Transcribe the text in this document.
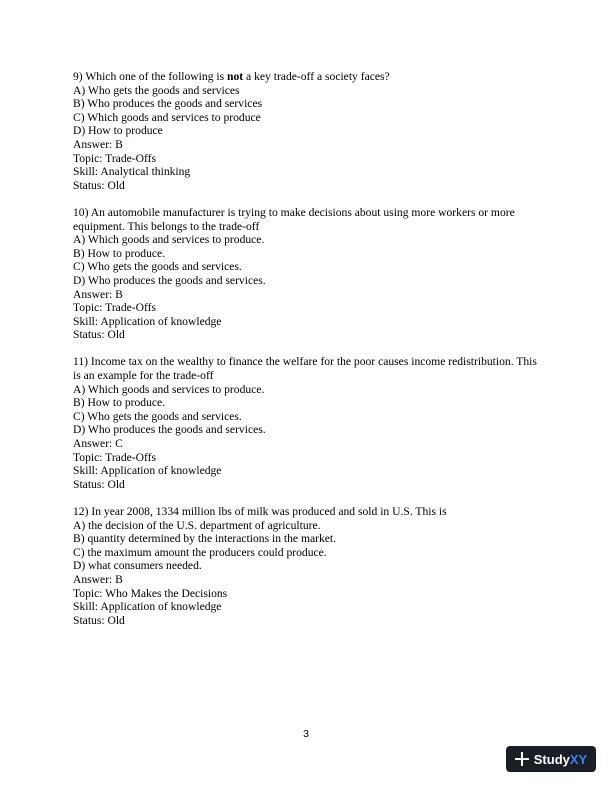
9) Which one of the following is not a key trade-off a society faces?

A) Who gets the goods and services

B) Who produces the goods and services

C) Which goods and services to produce

D) How to produce

Answer: B

Topic: Trade-Offs

Skill: Analytical thinking

Status: Old

10) An automobile manufacturer is trying to make decisions about using more workers or more equipment. This belongs to the trade-off

A) Which goods and services to produce.

B) How to produce.

C) Who gets the goods and services.

D) Who produces the goods and services.

Answer: B

Topic: Trade-Offs

Skill: Application of knowledge

Status: Old

11) Income tax on the wealthy to finance the welfare for the poor causes income redistribution. This is an example for the trade-off

A) Which goods and services to produce.

B) How to produce.

C) Who gets the goods and services.

D) Who produces the goods and services.

Answer: C

Topic: Trade-Offs

Skill: Application of knowledge

Status: Old

12) In year 2008, 1334 million lbs of milk was produced and sold in U.S. This is

A) the decision of the U.S. department of agriculture.

B) quantity determined by the interactions in the market.

C) the maximum amount the producers could produce.

D) what consumers needed.

Answer: B

Topic: Who Makes the Decisions

Skill: Application of knowledge

Status: Old

3
StudyXY
